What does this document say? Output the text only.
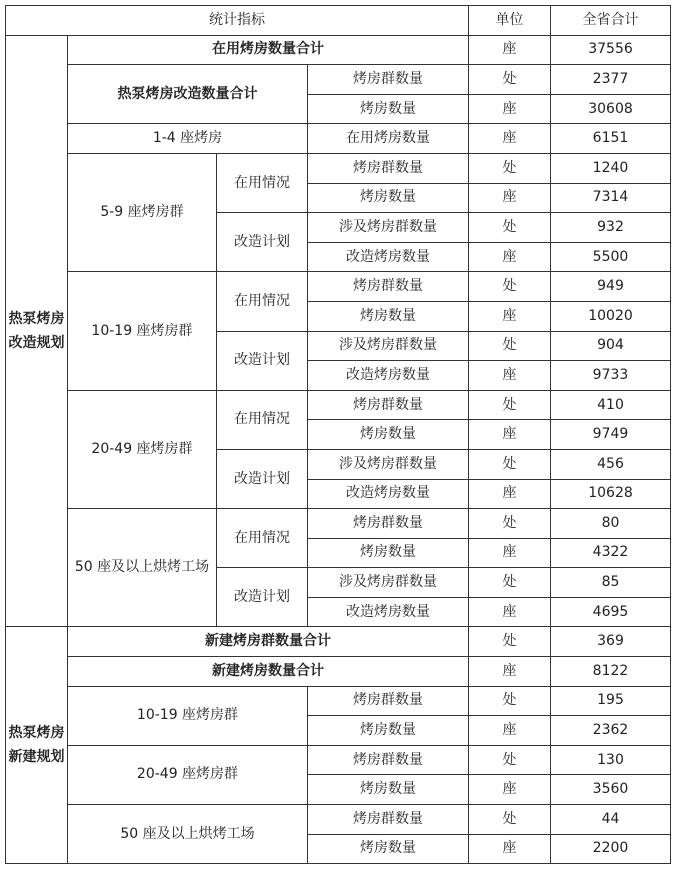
统计指标				单位	全省合计
热泵烤房改造规划	在用烤房数量合计			座	37556
	热泵烤房改造数量合计		烤房群数量	处	2377
			烤房数量	座	30608
	1-4 座烤房		在用烤房数量	座	6151
	5-9 座烤房群	在用情况	烤房群数量	处	1240
			烤房数量	座	7314
		改造计划	涉及烤房群数量	处	932
			改造烤房数量	座	5500
	10-19 座烤房群	在用情况	烤房群数量	处	949
			烤房数量	座	10020
		改造计划	涉及烤房群数量	处	904
			改造烤房数量	座	9733
	20-49 座烤房群	在用情况	烤房群数量	处	410
			烤房数量	座	9749
		改造计划	涉及烤房群数量	处	456
			改造烤房数量	座	10628
	50 座及以上烘烤工场	在用情况	烤房群数量	处	80
			烤房数量	座	4322
		改造计划	涉及烤房群数量	处	85
			改造烤房数量	座	4695
热泵烤房新建规划	新建烤房群数量合计			处	369
	新建烤房数量合计			座	8122
	10-19 座烤房群		烤房群数量	处	195
			烤房数量	座	2362
	20-49 座烤房群		烤房群数量	处	130
			烤房数量	座	3560
	50 座及以上烘烤工场		烤房群数量	处	44
			烤房数量	座	2200
